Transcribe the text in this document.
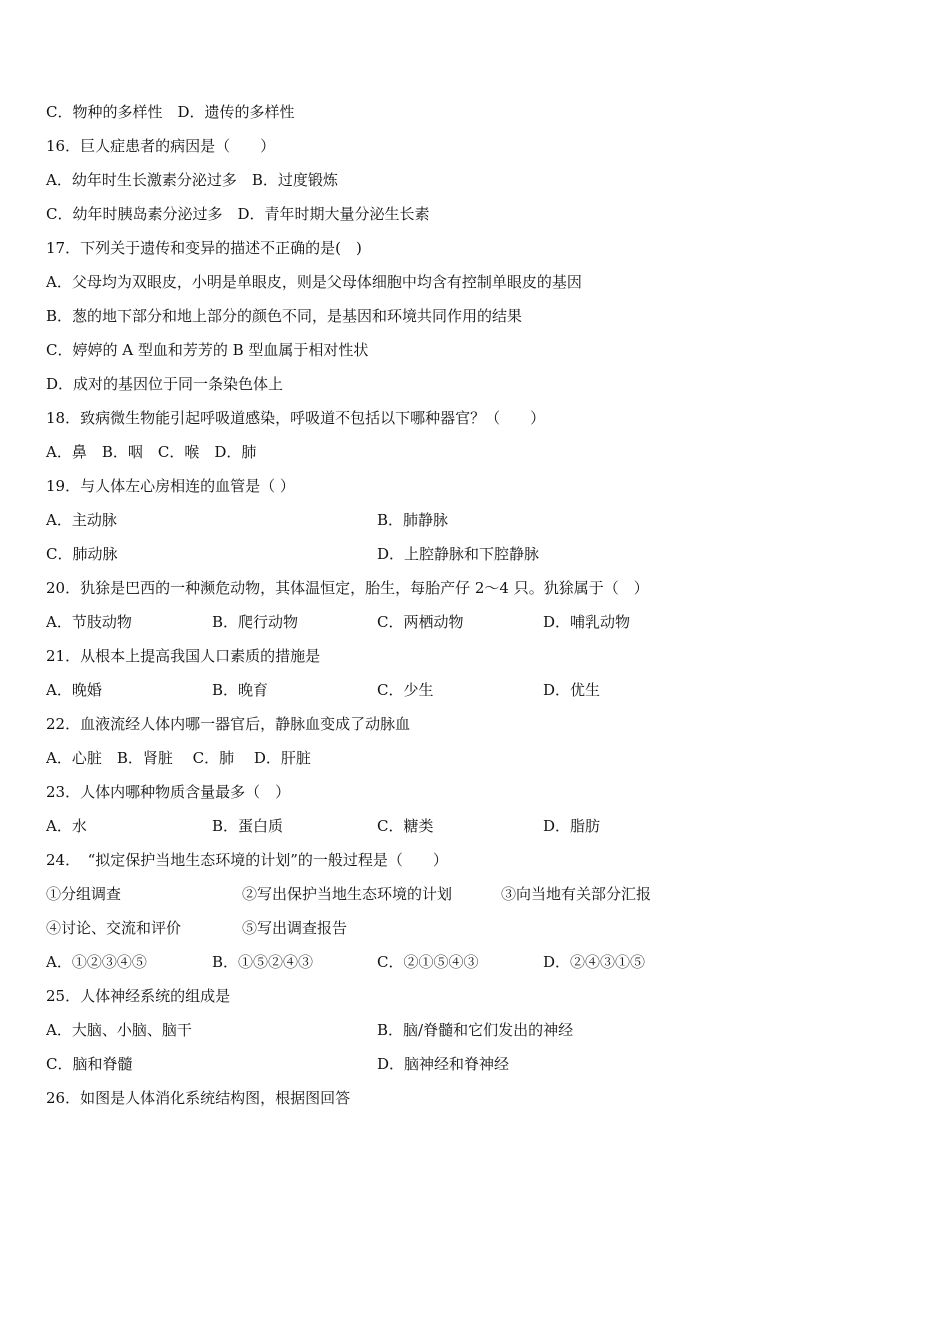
C．物种的多样性　D．遗传的多样性
16．巨人症患者的病因是（　　）
A．幼年时生长激素分泌过多　B．过度锻炼
C．幼年时胰岛素分泌过多　D．青年时期大量分泌生长素
17．下列关于遗传和变异的描述不正确的是(　)
A．父母均为双眼皮，小明是单眼皮，则是父母体细胞中均含有控制单眼皮的基因
B．葱的地下部分和地上部分的颜色不同，是基因和环境共同作用的结果
C．婷婷的 A 型血和芳芳的 B 型血属于相对性状
D．成对的基因位于同一条染色体上
18．致病微生物能引起呼吸道感染，呼吸道不包括以下哪种器官？（　　）
A．鼻　B．咽　C．喉　D．肺
19．与人体左心房相连的血管是（ ）
A．主动脉	B．肺静脉
C．肺动脉	D．上腔静脉和下腔静脉
20．犰狳是巴西的一种濒危动物，其体温恒定，胎生，每胎产仔 2～4 只。犰狳属于（　）
A．节肢动物	B．爬行动物	C．两栖动物	D．哺乳动物
21．从根本上提高我国人口素质的措施是
A．晚婚	B．晚育	C．少生	D．优生
22．血液流经人体内哪一器官后，静脉血变成了动脉血
A．心脏　B．肾脏　 C．肺　 D．肝脏
23．人体内哪种物质含量最多（　）
A．水	B．蛋白质	C．糖类	D．脂肪
24．　“拟定保护当地生态环境的计划”的一般过程是（　　）
①分组调查	②写出保护当地生态环境的计划	③向当地有关部分汇报
④讨论、交流和评价	⑤写出调查报告
A．①②③④⑤	B．①⑤②④③	C．②①⑤④③	D．②④③①⑤
25．人体神经系统的组成是
A．大脑、小脑、脑干	B．脑/脊髓和它们发出的神经
C．脑和脊髓	D．脑神经和脊神经
26．如图是人体消化系统结构图，根据图回答
